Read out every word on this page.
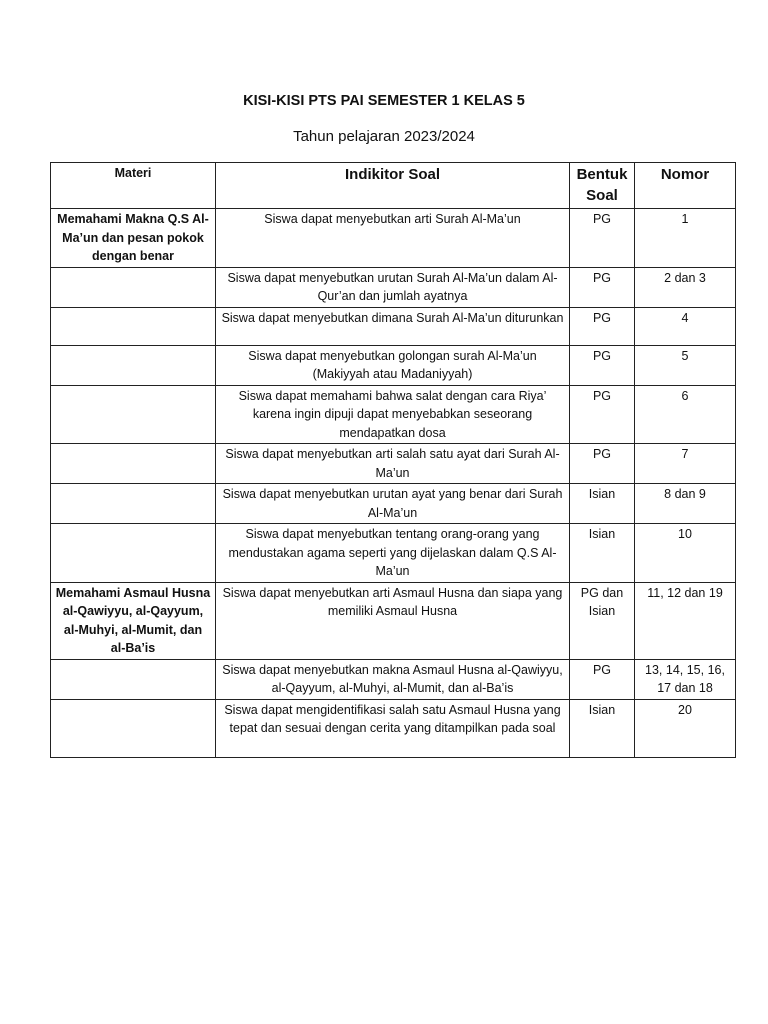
KISI-KISI PTS PAI SEMESTER 1 KELAS 5
Tahun pelajaran 2023/2024
Materi	Indikitor Soal	Bentuk Soal	Nomor
Memahami Makna Q.S Al-Ma’un dan pesan pokok dengan benar	Siswa dapat menyebutkan arti Surah Al-Ma’un	PG	1
	Siswa dapat menyebutkan urutan Surah Al-Ma’un dalam Al-Qur’an dan jumlah ayatnya	PG	2 dan 3
	Siswa dapat menyebutkan dimana Surah Al-Ma’un diturunkan	PG	4
	Siswa dapat menyebutkan golongan surah Al-Ma’un (Makiyyah atau Madaniyyah)	PG	5
	Siswa dapat memahami bahwa salat dengan cara Riya’ karena ingin dipuji dapat menyebabkan seseorang mendapatkan dosa	PG	6
	Siswa dapat menyebutkan arti salah satu ayat dari Surah Al-Ma’un	PG	7
	Siswa dapat menyebutkan urutan ayat yang benar dari Surah Al-Ma’un	Isian	8 dan 9
	Siswa dapat menyebutkan tentang orang-orang yang mendustakan agama seperti yang dijelaskan dalam Q.S Al-Ma’un	Isian	10
Memahami Asmaul Husna al-Qawiyyu, al-Qayyum, al-Muhyi, al-Mumit, dan al-Ba’is	Siswa dapat menyebutkan arti Asmaul Husna dan siapa yang memiliki Asmaul Husna	PG dan Isian	11, 12 dan 19
	Siswa dapat menyebutkan makna Asmaul Husna al-Qawiyyu, al-Qayyum, al-Muhyi, al-Mumit, dan al-Ba’is	PG	13, 14, 15, 16, 17 dan 18
	Siswa dapat mengidentifikasi salah satu Asmaul Husna yang tepat dan sesuai dengan cerita yang ditampilkan pada soal	Isian	20
